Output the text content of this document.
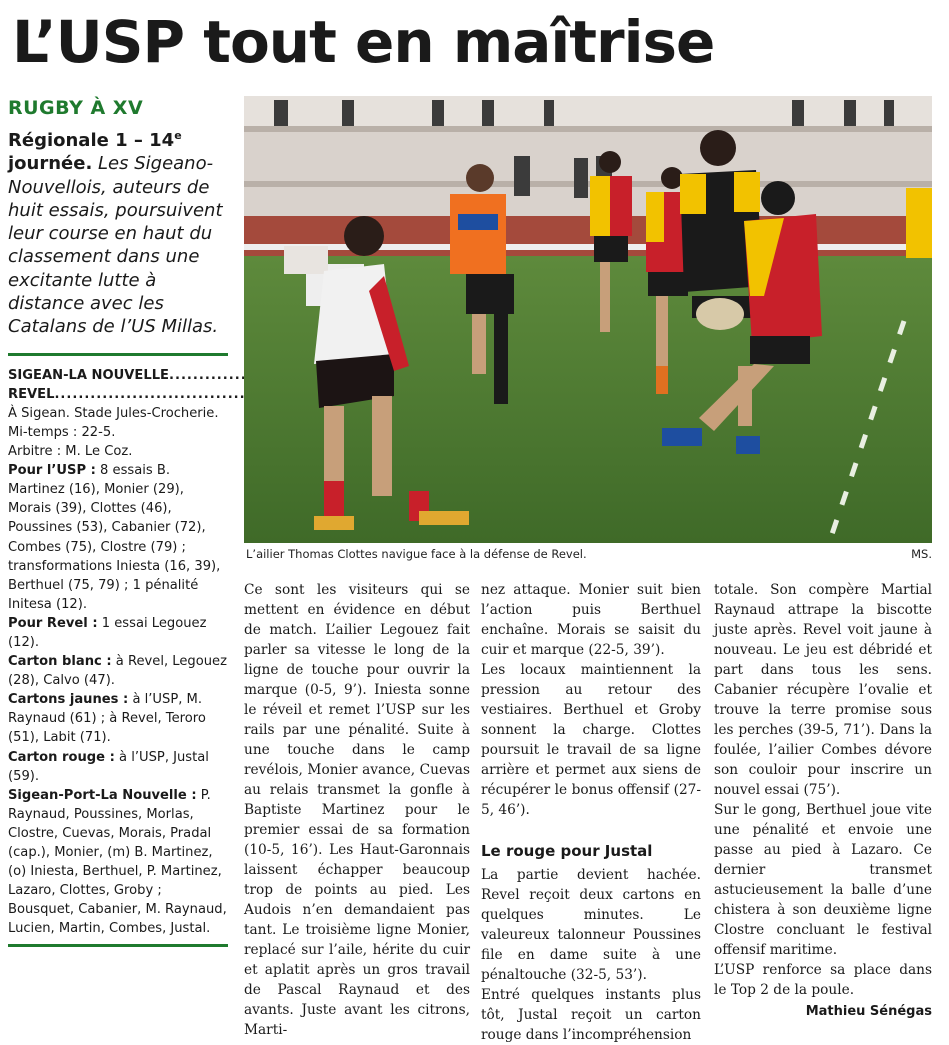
L’USP tout en maîtrise
RUGBY À XV
Régionale 1 – 14e journée. Les Sigeano-Nouvellois, auteurs de huit essais, poursuivent leur course en haut du classement dans une excitante lutte à distance avec les Catalans de l’US Millas.
SIGEAN-LA NOUVELLE
.....
REVEL
.....
À Sigean. Stade Jules-Crocherie. Mi-temps : 22-5.
Arbitre : M. Le Coz.
Pour l’USP : 8 essais B. Martinez (16), Monier (29), Morais (39), Clottes (46), Poussines (53), Cabanier (72), Combes (75), Clostre (79) ; transformations Iniesta (16, 39), Berthuel (75, 79) ; 1 pénalité Initesa (12).
Pour Revel : 1 essai Legouez (12).
Carton blanc : à Revel, Legouez (28), Calvo (47).
Cartons jaunes : à l’USP, M. Raynaud (61) ; à Revel, Teroro (51), Labit (71).
Carton rouge : à l’USP, Justal (59).
Sigean-Port-La Nouvelle : P. Raynaud, Poussines, Morlas, Clostre, Cuevas, Morais, Pradal (cap.), Monier, (m) B. Martinez, (o) Iniesta, Berthuel, P. Martinez, Lazaro, Clottes, Groby ; Bousquet, Cabanier, M. Raynaud, Lucien, Martin, Combes, Justal.
L’ailier Thomas Clottes navigue face à la défense de Revel.	MS.

Ce sont les visiteurs qui se mettent en évidence en début de match. L’ailier Legouez fait parler sa vitesse le long de la ligne de touche pour ouvrir la marque (0-5, 9’). Iniesta sonne le réveil et remet l’USP sur les rails par une pénalité. Suite à une touche dans le camp revélois, Monier avance, Cuevas au relais transmet la gonfle à Baptiste Martinez pour le premier essai de sa formation (10-5, 16’). Les Haut-Garonnais laissent échapper beaucoup trop de points au pied. Les Audois n’en demandaient pas tant. Le troisième ligne Monier, replacé sur l’aile, hérite du cuir et aplatit après un gros travail de Pascal Raynaud et des avants. Juste avant les citrons, Marti-

nez attaque. Monier suit bien l’action puis Berthuel enchaîne. Morais se saisit du cuir et marque (22-5, 39’).

Les locaux maintiennent la pression au retour des vestiaires. Berthuel et Groby sonnent la charge. Clottes poursuit le travail de sa ligne arrière et permet aux siens de récupérer le bonus offensif (27-5, 46’).

Le rouge pour Justal

La partie devient hachée. Revel reçoit deux cartons en quelques minutes. Le valeureux talonneur Poussines file en dame suite à une pénaltouche (32-5, 53’).

Entré quelques instants plus tôt, Justal reçoit un carton rouge dans l’incompréhension

totale. Son compère Martial Raynaud attrape la biscotte juste après. Revel voit jaune à nouveau. Le jeu est débridé et part dans tous les sens. Cabanier récupère l’ovalie et trouve la terre promise sous les perches (39-5, 71’). Dans la foulée, l’ailier Combes dévore son couloir pour inscrire un nouvel essai (75’).

Sur le gong, Berthuel joue vite une pénalité et envoie une passe au pied à Lazaro. Ce dernier transmet astucieusement la balle d’une chistera à son deuxième ligne Clostre concluant le festival offensif maritime.

L’USP renforce sa place dans le Top 2 de la poule.

Mathieu Sénégas
